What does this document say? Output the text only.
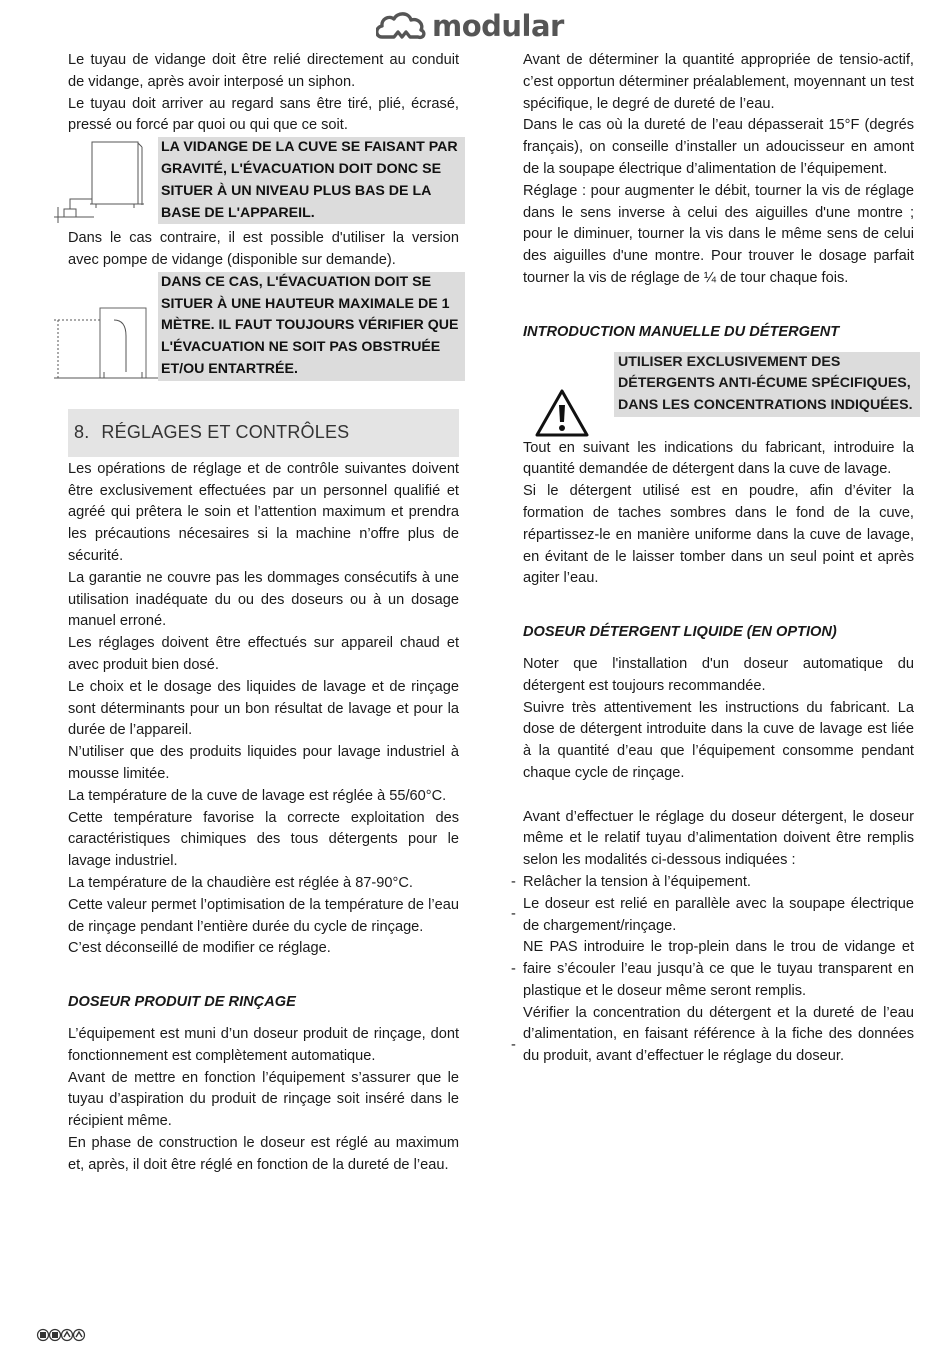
modular

Le tuyau de vidange doit être relié directement au conduit de vidange, après avoir interposé un siphon.

Le tuyau doit arriver au regard sans être tiré, plié, écrasé, pressé ou forcé par quoi ou qui que ce soit.

LA VIDANGE DE LA CUVE SE FAISANT PAR GRAVITÉ, L'ÉVACUATION DOIT DONC SE SITUER À UN NIVEAU PLUS BAS DE LA BASE DE L'APPAREIL.

Dans le cas contraire, il est possible d'utiliser la version avec pompe de vidange (disponible sur demande).

DANS CE CAS, L'ÉVACUATION DOIT SE SITUER À UNE HAUTEUR MAXIMALE DE 1 MÈTRE. IL FAUT TOUJOURS VÉRIFIER QUE L'ÉVACUATION NE SOIT PAS OBSTRUÉE ET/OU ENTARTRÉE.
8. RÉGLAGES ET CONTRÔLES

Les opérations de réglage et de contrôle suivantes doivent être exclusivement effectuées par un personnel qualifié et agréé qui prêtera le soin et l’attention maximum et prendra les précautions nécesaires si la machine n’offre plus de sécurité.

La garantie ne couvre pas les dommages consécutifs à une utilisation inadéquate du ou des doseurs ou à un dosage manuel erroné.

Les réglages doivent être effectués sur appareil chaud et avec produit bien dosé.

Le choix et le dosage des liquides de lavage et de rinçage sont déterminants pour un bon résultat de lavage et pour la durée de l’appareil.

N’utiliser que des produits liquides pour lavage industriel à mousse limitée.

La température de la cuve de lavage est réglée à 55/60°C.

Cette température favorise la correcte exploitation des caractéristiques chimiques des tous détergents pour le lavage industriel.

La température de la chaudière est réglée à 87-90°C.

Cette valeur permet l’optimisation de la température de l’eau de rinçage pendant l’entière durée du cycle de rinçage.

C’est déconseillé de modifier ce réglage.

DOSEUR PRODUIT DE RINÇAGE

L’équipement est muni d’un doseur produit de rinçage, dont fonctionnement est complètement automatique.

Avant de mettre en fonction l’équipement s’assurer que le tuyau d’aspiration du produit de rinçage soit inséré dans le récipient même.

En phase de construction le doseur est réglé au maximum et, après, il doit être réglé en fonction de la dureté de l’eau.

Avant de déterminer la quantité appropriée de tensio-actif, c’est opportun déterminer préalablement, moyennant un test spécifique, le degré de dureté de l’eau.

Dans le cas où la dureté de l’eau dépasserait 15°F (degrés français), on conseille d’installer un adoucisseur en amont de la soupape électrique d’alimentation de l’équipement.

Réglage : pour augmenter le débit, tourner la vis de réglage dans le sens inverse à celui des aiguilles d'une montre ; pour le diminuer, tourner la vis dans le même sens de celui des aiguilles d'une montre. Pour trouver le dosage parfait tourner la vis de réglage de ¼ de tour chaque fois.

INTRODUCTION MANUELLE DU DÉTERGENT

UTILISER EXCLUSIVEMENT DES DÉTERGENTS ANTI-ÉCUME SPÉCIFIQUES, DANS LES CONCENTRATIONS INDIQUÉES.

Tout en suivant les indications du fabricant, introduire la quantité demandée de détergent dans la cuve de lavage.

Si le détergent utilisé est en poudre, afin d’éviter la formation de taches sombres dans le fond de la cuve, répartissez-le en manière uniforme dans la cuve de lavage, en évitant de le laisser tomber dans un seul point et après agiter l’eau.

DOSEUR DÉTERGENT LIQUIDE (EN OPTION)

Noter que l'installation d'un doseur automatique du détergent est toujours recommandée.

Suivre très attentivement les instructions du fabricant. La dose de détergent introduite dans la cuve de lavage est liée à la quantité d’eau que l’équipement consomme pendant chaque cycle de rinçage.

Avant d’effectuer le réglage du doseur détergent, le doseur même et le relatif tuyau d’alimentation doivent être remplis selon les modalités ci-dessous indiquées :

- Relâcher la tension à l’équipement.

-

Le doseur est relié en parallèle avec la soupape électrique de chargement/rinçage.

-

NE PAS introduire le trop-plein dans le trou de vidange et faire s’écouler l’eau jusqu’à ce que le tuyau transparent en plastique et le doseur même seront remplis.

-

Vérifier la concentration du détergent et la dureté de l’eau d’alimentation, en faisant référence à la fiche des données du produit, avant d’effectuer le réglage du doseur.
